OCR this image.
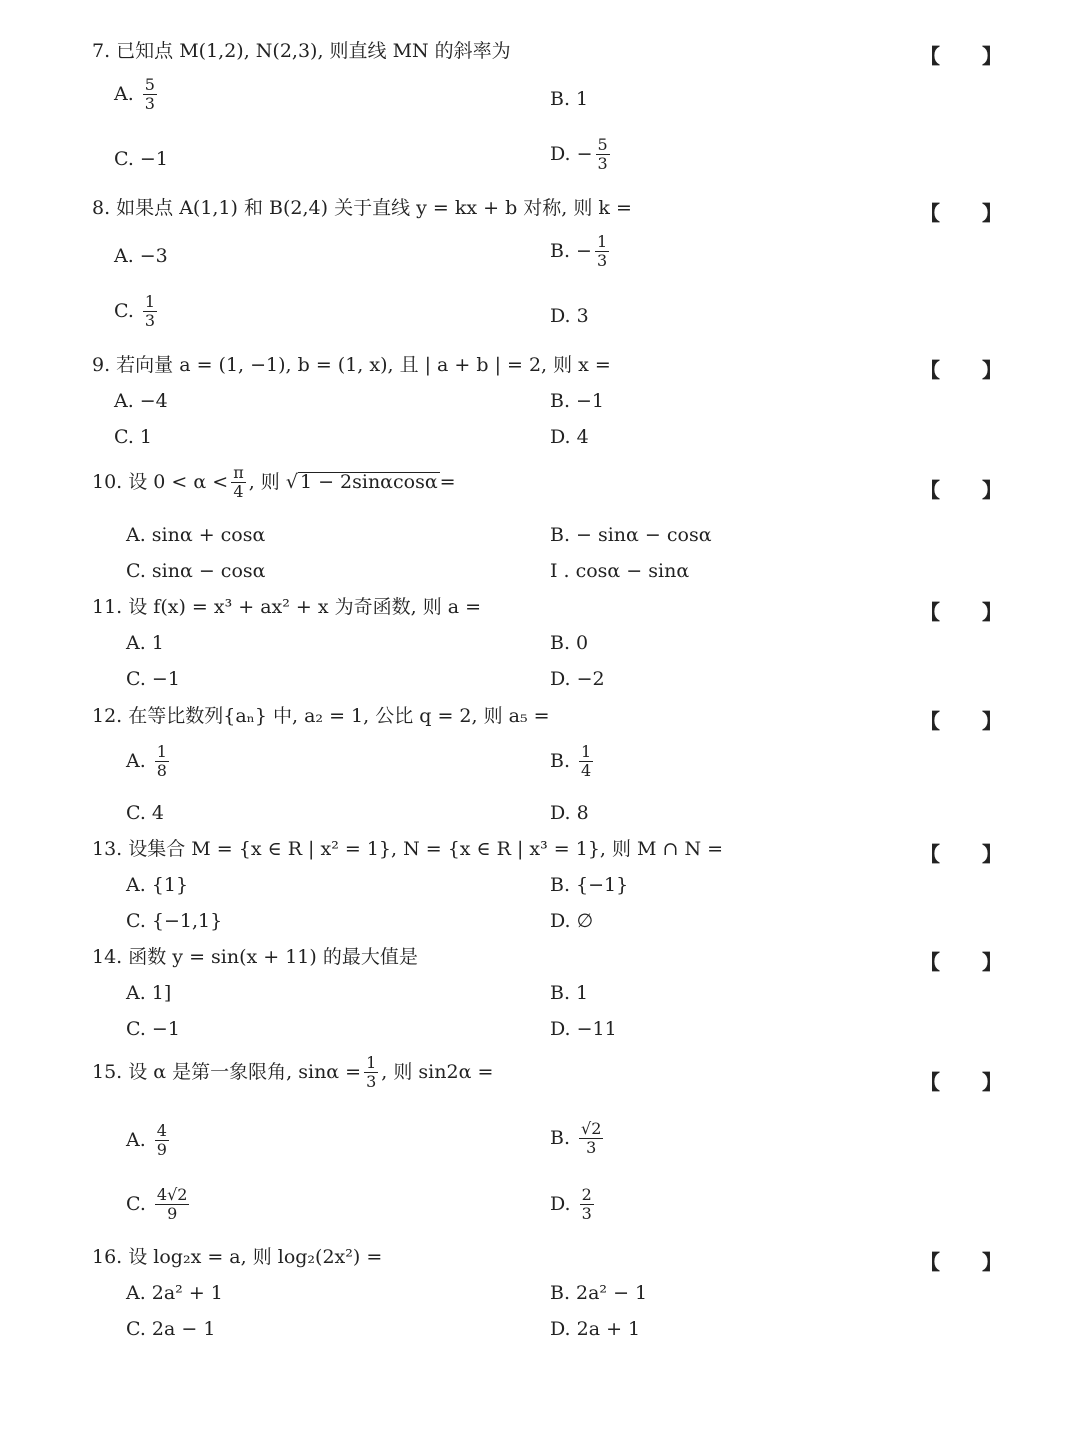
7. 已知点 M(1,2), N(2,3), 则直线 MN 的斜率为	【 】
A. $\frac{5}{3}$	B. 1
C. −1	D. − $\frac{5}{3}$
8. 如果点 A(1,1) 和 B(2,4) 关于直线 y = kx + b 对称, 则 k =	【 】
A. −3	B. − $\frac{1}{3}$
C. $\frac{1}{3}$	D. 3
9. 若向量 a = (1, −1), b = (1, x), 且 | a + b | = 2, 则 x =	【 】
A. −4	B. −1
C. 1	D. 4
10. 设 $0 < \alpha < \frac{\pi}{4}$ , 则 √ 1 − 2sinαcosα =	【 】
A. sinα + cosα	B. − sinα − cosα
C. sinα − cosα	I . cosα − sinα
11. 设 f(x) = x³ + ax² + x 为奇函数, 则 a =	【 】
A. 1	B. 0
C. −1	D. −2
12. 在等比数列{aₙ} 中, a₂ = 1, 公比 q = 2, 则 a₅ =	【 】
A. $\frac{1}{8}$	B. $\frac{1}{4}$
C. 4	D. 8
13. 设集合 M = {x ∈ R | x² = 1}, N = {x ∈ R | x³ = 1}, 则 M ∩ N =	【 】
A. {1}	B. {−1}
C. {−1,1}	D. ∅
14. 函数 y = sin(x + 11) 的最大值是	【 】
A. 1]	B. 1
C. −1	D. −11
15. 设 α 是第一象限角, $\sin\alpha = \frac{1}{3}$ , 则 sin2α =	【 】
A. $\frac{4}{9}$	B. $\frac{√2}{3}$
C. $\frac{4√2}{9}$	D. $\frac{2}{3}$
16. 设 log₂x = a, 则 log₂(2x²) =	【 】
A. 2a² + 1	B. 2a² − 1
C. 2a − 1	D. 2a + 1
